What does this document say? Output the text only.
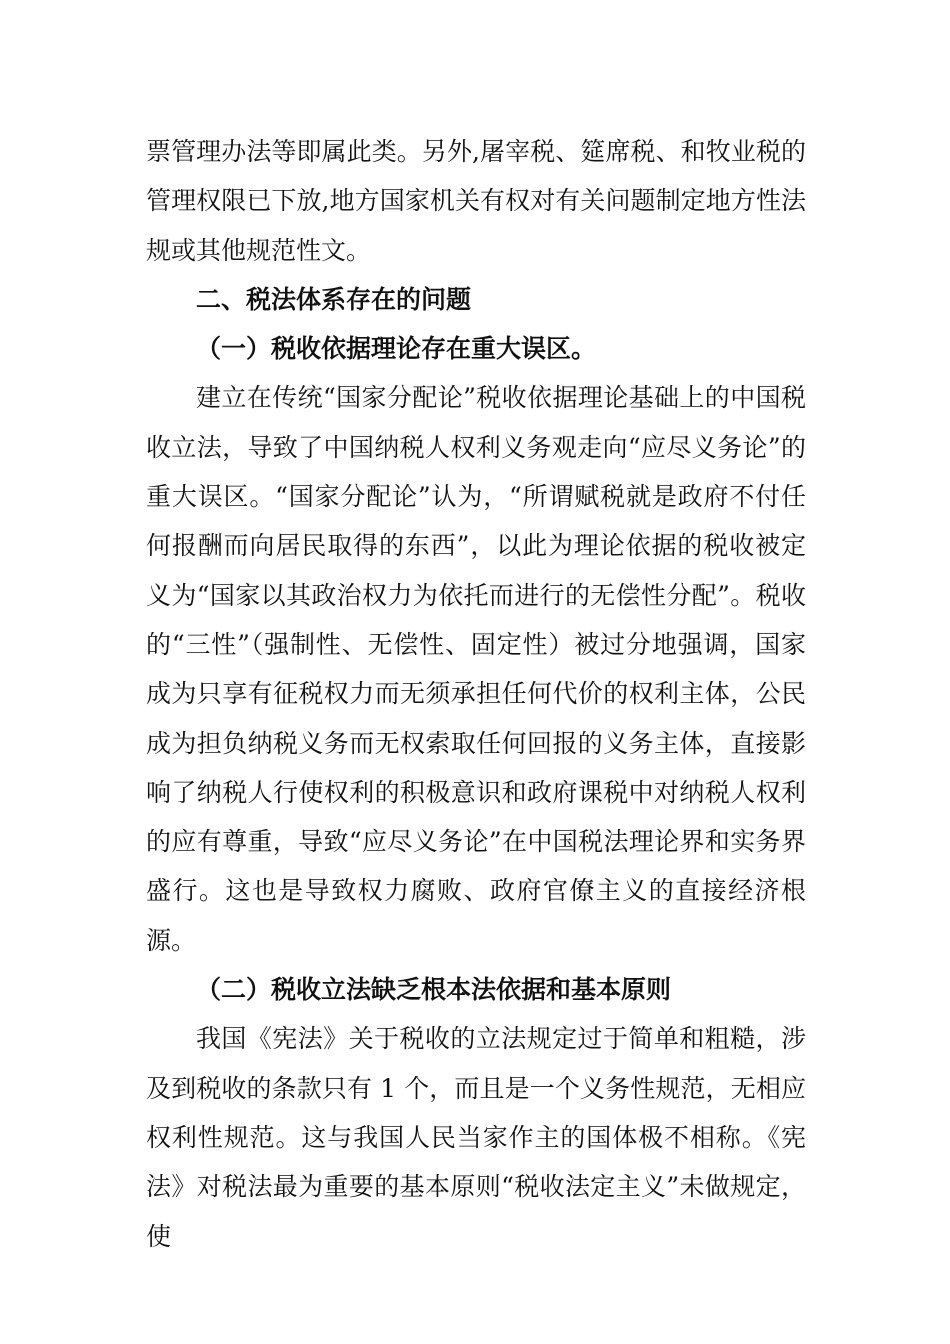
票管理办法等即属此类。另外,屠宰税、筵席税、和牧业税的管理权限已下放,地方国家机关有权对有关问题制定地方性法规或其他规范性文。

二、税法体系存在的问题

（一）税收依据理论存在重大误区。

建立在传统“国家分配论”税收依据理论基础上的中国税收立法，导致了中国纳税人权利义务观走向“应尽义务论”的重大误区。“国家分配论”认为，“所谓赋税就是政府不付任何报酬而向居民取得的东西”，以此为理论依据的税收被定义为“国家以其政治权力为依托而进行的无偿性分配”。税收的“三性”（强制性、无偿性、固定性）被过分地强调，国家成为只享有征税权力而无须承担任何代价的权利主体，公民成为担负纳税义务而无权索取任何回报的义务主体，直接影响了纳税人行使权利的积极意识和政府课税中对纳税人权利的应有尊重，导致“应尽义务论”在中国税法理论界和实务界盛行。这也是导致权力腐败、政府官僚主义的直接经济根源。

（二）税收立法缺乏根本法依据和基本原则

我国《宪法》关于税收的立法规定过于简单和粗糙，涉及到税收的条款只有 1 个，而且是一个义务性规范，无相应权利性规范。这与我国人民当家作主的国体极不相称。《宪法》对税法最为重要的基本原则“税收法定主义”未做规定，使
